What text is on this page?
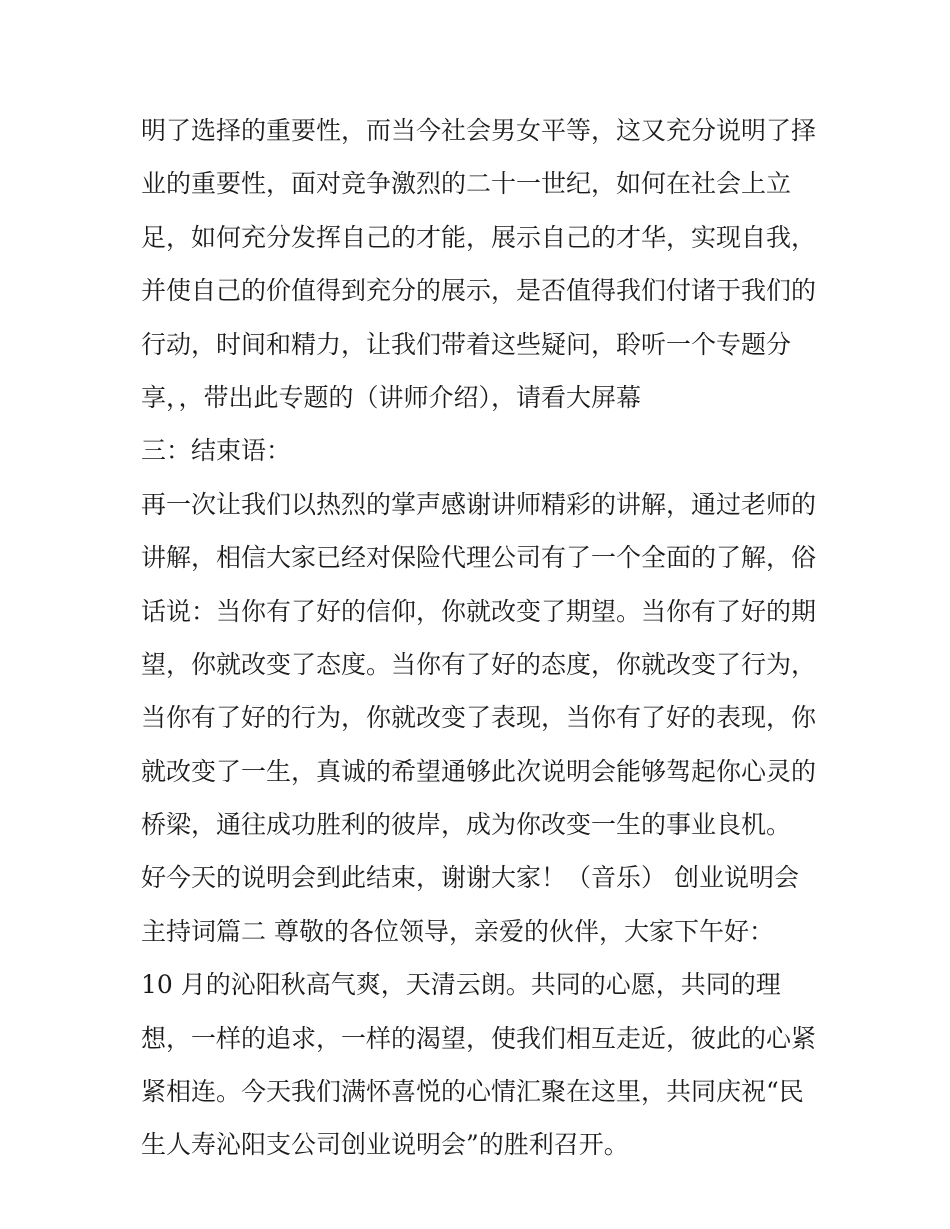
明了选择的重要性，而当今社会男女平等，这又充分说明了择
业的重要性，面对竞争激烈的二十一世纪，如何在社会上立
足，如何充分发挥自己的才能，展示自己的才华，实现自我，
并使自己的价值得到充分的展示，是否值得我们付诸于我们的
行动，时间和精力，让我们带着这些疑问，聆听一个专题分
享，，带出此专题的（讲师介绍），请看大屏幕
三：结束语：
再一次让我们以热烈的掌声感谢讲师精彩的讲解，通过老师的
讲解，相信大家已经对保险代理公司有了一个全面的了解，俗
话说：当你有了好的信仰，你就改变了期望。当你有了好的期
望，你就改变了态度。当你有了好的态度，你就改变了行为，
当你有了好的行为，你就改变了表现，当你有了好的表现，你
就改变了一生，真诚的希望通够此次说明会能够驾起你心灵的
桥梁，通往成功胜利的彼岸，成为你改变一生的事业良机。
好今天的说明会到此结束，谢谢大家！（音乐） 创业说明会
主持词篇二 尊敬的各位领导，亲爱的伙伴，大家下午好：
10 月的沁阳秋高气爽，天清云朗。共同的心愿，共同的理
想，一样的追求，一样的渴望，使我们相互走近，彼此的心紧
紧相连。今天我们满怀喜悦的心情汇聚在这里，共同庆祝“民
生人寿沁阳支公司创业说明会”的胜利召开。
